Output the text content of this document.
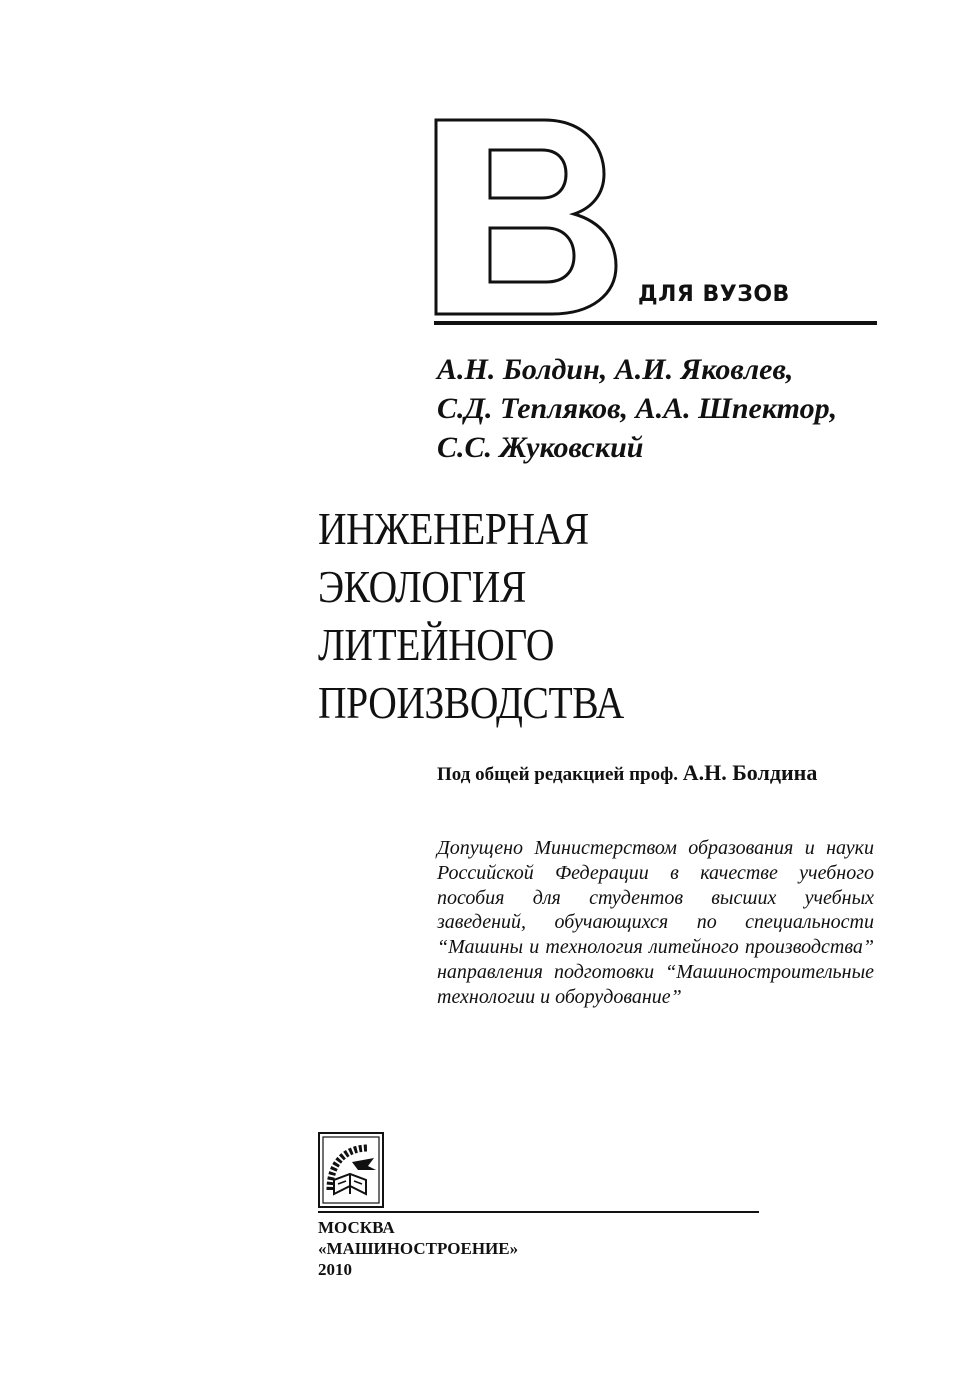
ДЛЯ ВУЗОВ
А.Н. Болдин, А.И. Яковлев,
С.Д. Тепляков, А.А. Шпектор,
С.С. Жуковский
ИНЖЕНЕРНАЯ
ЭКОЛОГИЯ
ЛИТЕЙНОГО
ПРОИЗВОДСТВА
Под общей редакцией проф. А.Н. Болдина
Допущено Министерством образования и науки Российской Федерации в качестве учебного пособия для студентов высших учебных заведений, обучающихся по специальности “Машины и технология литейного производства” направления подготовки “Машиностроительные технологии и оборудование”
МОСКВА
«МАШИНОСТРОЕНИЕ»
2010
